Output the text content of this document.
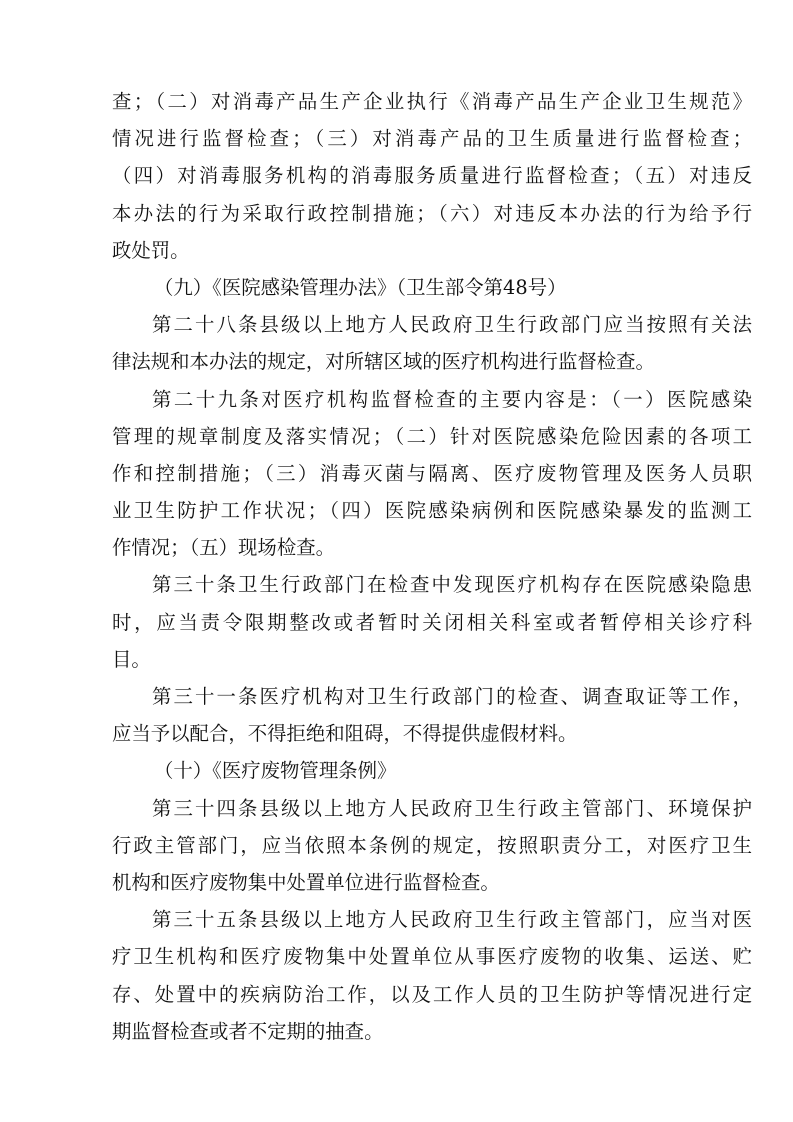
查；（二）对消毒产品生产企业执行《消毒产品生产企业卫生规范》
情况进行监督检查；（三）对消毒产品的卫生质量进行监督检查；
（四）对消毒服务机构的消毒服务质量进行监督检查；（五）对违反
本办法的行为采取行政控制措施；（六）对违反本办法的行为给予行
政处罚。
（九）《医院感染管理办法》（卫生部令第48号）
第二十八条县级以上地方人民政府卫生行政部门应当按照有关法
律法规和本办法的规定，对所辖区域的医疗机构进行监督检查。
第二十九条对医疗机构监督检查的主要内容是：（一）医院感染
管理的规章制度及落实情况；（二）针对医院感染危险因素的各项工
作和控制措施；（三）消毒灭菌与隔离、医疗废物管理及医务人员职
业卫生防护工作状况；（四）医院感染病例和医院感染暴发的监测工
作情况；（五）现场检查。
第三十条卫生行政部门在检查中发现医疗机构存在医院感染隐患
时，应当责令限期整改或者暂时关闭相关科室或者暂停相关诊疗科
目。
第三十一条医疗机构对卫生行政部门的检查、调查取证等工作，
应当予以配合，不得拒绝和阻碍，不得提供虚假材料。
（十）《医疗废物管理条例》
第三十四条县级以上地方人民政府卫生行政主管部门、环境保护
行政主管部门，应当依照本条例的规定，按照职责分工，对医疗卫生
机构和医疗废物集中处置单位进行监督检查。
第三十五条县级以上地方人民政府卫生行政主管部门，应当对医
疗卫生机构和医疗废物集中处置单位从事医疗废物的收集、运送、贮
存、处置中的疾病防治工作，以及工作人员的卫生防护等情况进行定
期监督检查或者不定期的抽查。
